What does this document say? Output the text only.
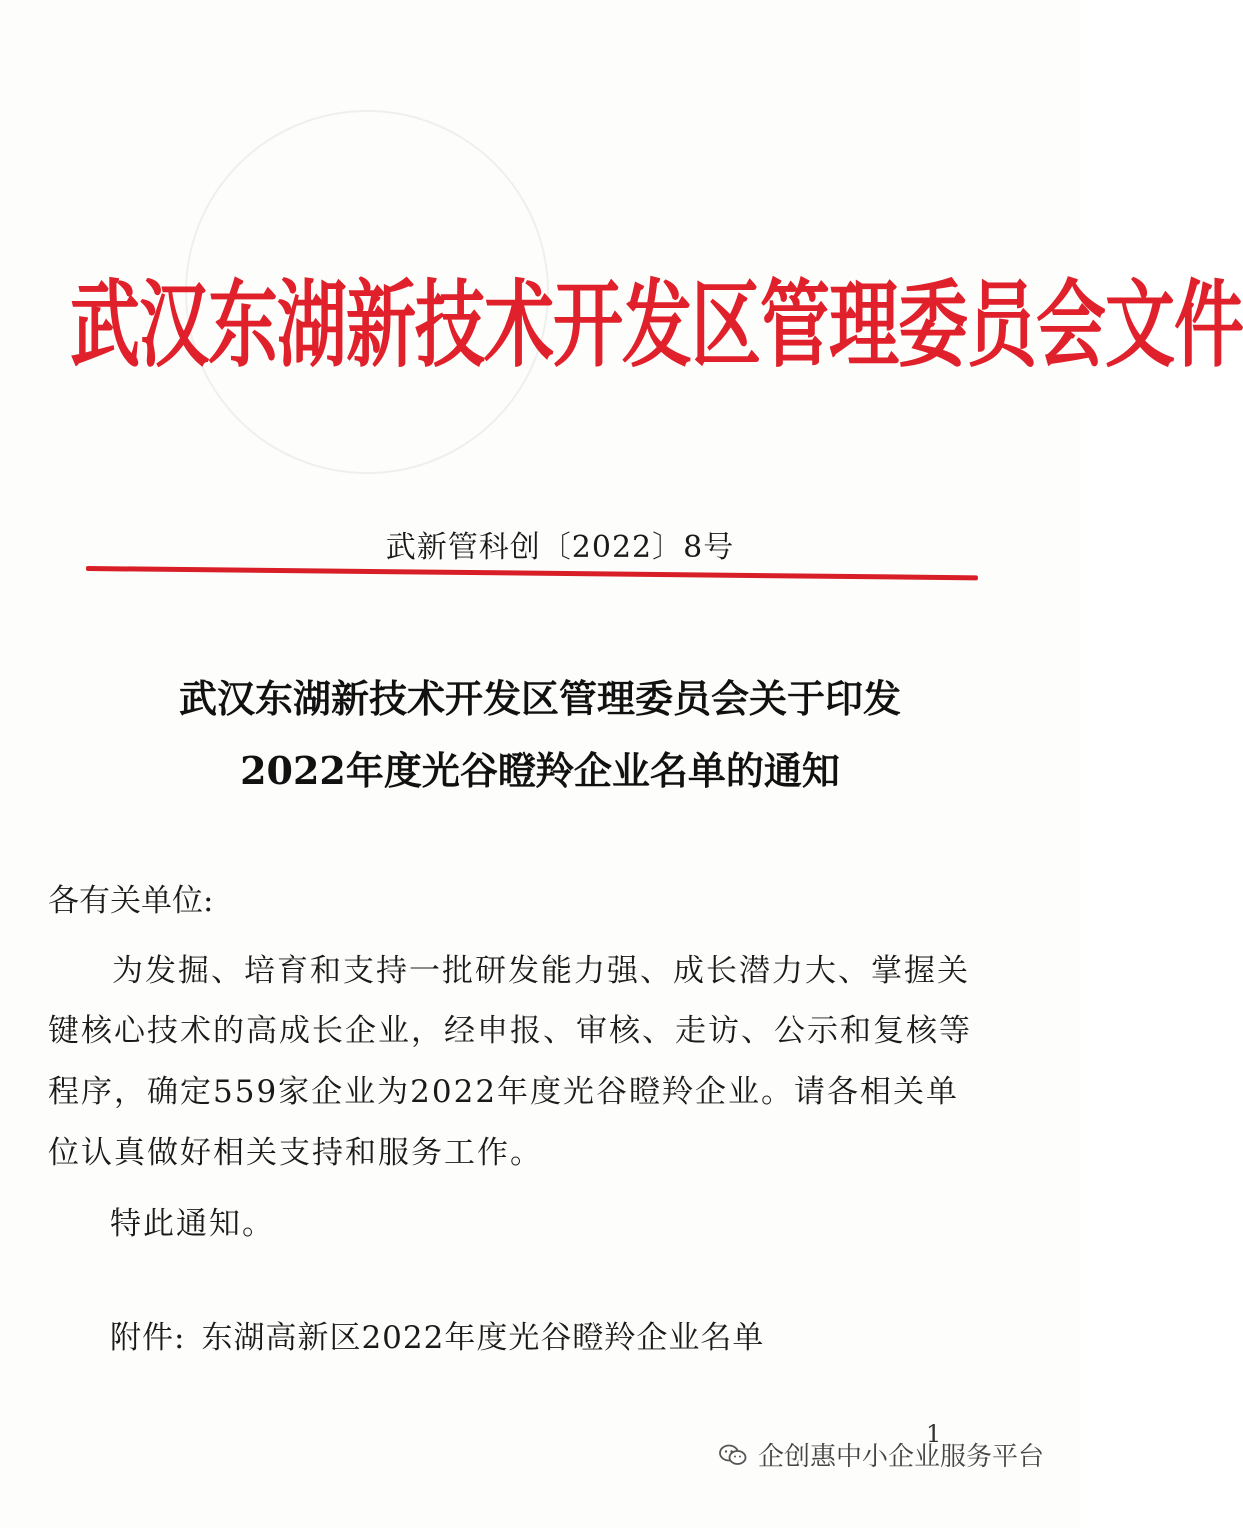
武汉东湖新技术开发区管理委员会文件
武新管科创〔2022〕8号
武汉东湖新技术开发区管理委员会关于印发
2022年度光谷瞪羚企业名单的通知
各有关单位:
为发掘、培育和支持一批研发能力强、成长潜力大、掌握关
键核心技术的高成长企业，经申报、审核、走访、公示和复核等
程序，确定559家企业为2022年度光谷瞪羚企业。请各相关单
位认真做好相关支持和服务工作。
特此通知。
附件: 东湖高新区2022年度光谷瞪羚企业名单
1
企创惠中小企业服务平台
